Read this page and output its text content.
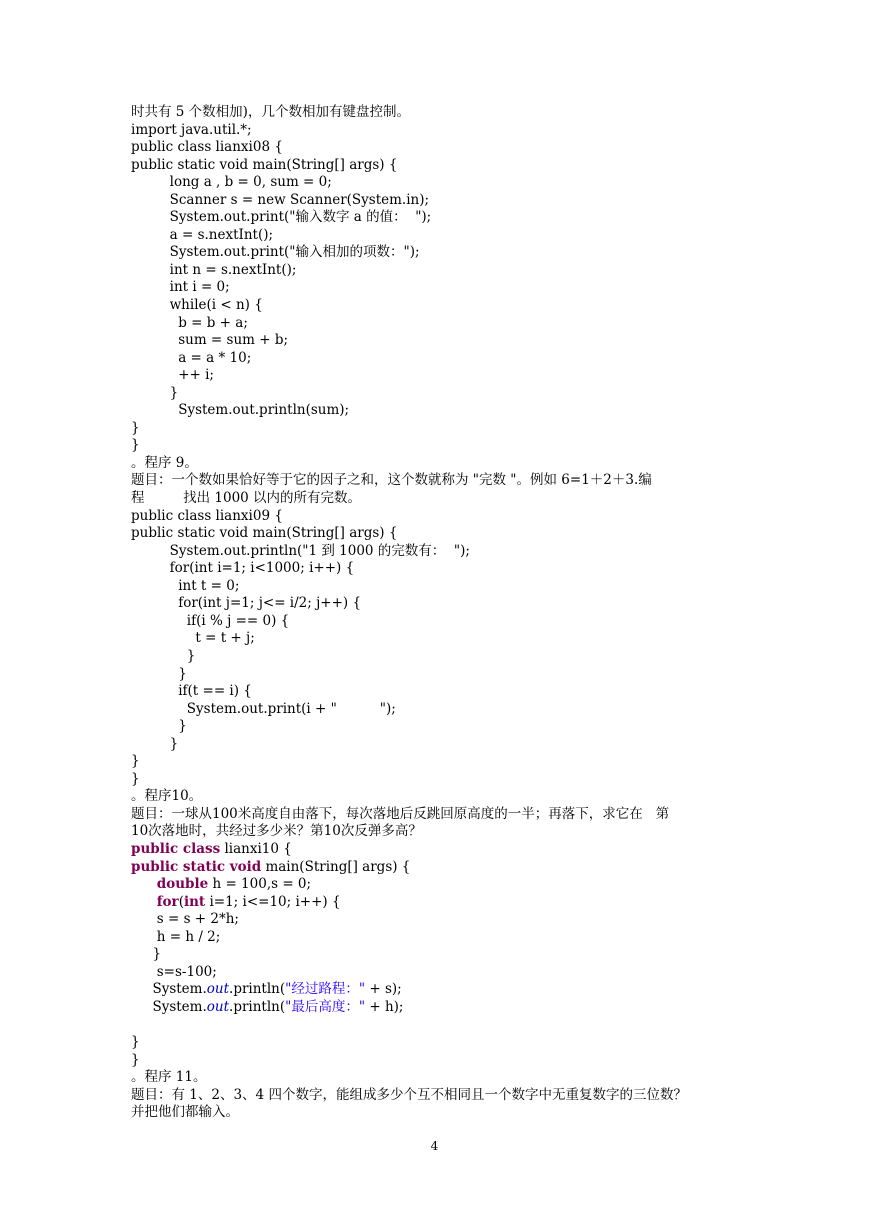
时共有 5 个数相加)，几个数相加有键盘控制。
import java.util.*;
public class lianxi08 {
public static void main(String[] args) {
long a , b = 0, sum = 0;
Scanner s = new Scanner(System.in);
System.out.print("输入数字 a 的值：  ");
a = s.nextInt();
System.out.print("输入相加的项数：");
int n = s.nextInt();
int i = 0;
while(i < n) {
b = b + a;
sum = sum + b;
a = a * 10;
++ i;
}
System.out.println(sum);
}
}
。程序 9。
题目：一个数如果恰好等于它的因子之和，这个数就称为 "完数 "。例如 6=1＋2＋3.编
程         找出 1000 以内的所有完数。
public class lianxi09 {
public static void main(String[] args) {
System.out.println("1 到 1000 的完数有：  ");
for(int i=1; i<1000; i++) {
int t = 0;
for(int j=1; j<= i/2; j++) {
if(i % j == 0) {
t = t + j;
}
}
if(t == i) {
System.out.print(i + "          ");
}
}
}
}
。程序10。
题目：一球从100米高度自由落下，每次落地后反跳回原高度的一半；再落下，求它在   第
10次落地时，共经过多少米？第10次反弹多高？
public class lianxi10 {
public static void main(String[] args) {
double h = 100,s = 0;
for(int i=1; i<=10; i++) {
s = s + 2*h;
h = h / 2;
}
s=s-100;
System.out.println("经过路程：" + s);
System.out.println("最后高度：" + h);
}
}
。程序 11。
题目：有 1、2、3、4 四个数字，能组成多少个互不相同且一个数字中无重复数字的三位数？
并把他们都输入。
4
